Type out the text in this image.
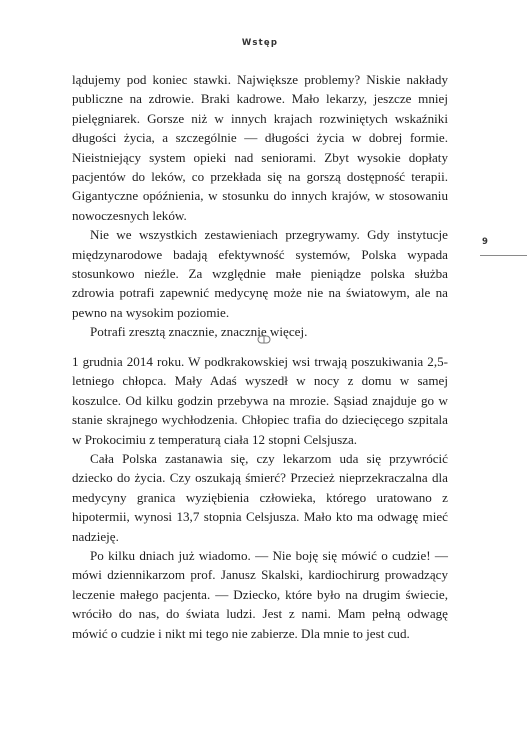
Wstęp
9

lądujemy pod koniec stawki. Największe problemy? Niskie nakłady publiczne na zdrowie. Braki kadrowe. Mało lekarzy, jeszcze mniej pielęgniarek. Gorsze niż w innych krajach rozwiniętych wskaźniki długości życia, a szczególnie — długości życia w dobrej formie. Nieistniejący system opieki nad seniorami. Zbyt wysokie dopłaty pacjentów do leków, co przekłada się na gorszą dostępność terapii. Gigantyczne opóźnienia, w stosunku do innych krajów, w stosowaniu nowoczesnych leków.

Nie we wszystkich zestawieniach przegrywamy. Gdy instytucje międzynarodowe badają efektywność systemów, Polska wypada stosunkowo nieźle. Za względnie małe pieniądze polska służba zdrowia potrafi zapewnić medycynę może nie na światowym, ale na pewno na wysokim poziomie.

Potrafi zresztą znacznie, znacznie więcej.

1 grudnia 2014 roku. W podkrakowskiej wsi trwają poszukiwania 2,5-letniego chłopca. Mały Adaś wyszedł w nocy z domu w samej koszulce. Od kilku godzin przebywa na mrozie. Sąsiad znajduje go w stanie skrajnego wychłodzenia. Chłopiec trafia do dziecięcego szpitala w Prokocimiu z temperaturą ciała 12 stopni Celsjusza.

Cała Polska zastanawia się, czy lekarzom uda się przywrócić dziecko do życia. Czy oszukają śmierć? Przecież nieprzekraczalna dla medycyny granica wyziębienia człowieka, którego uratowano z hipotermii, wynosi 13,7 stopnia Celsjusza. Mało kto ma odwagę mieć nadzieję.

Po kilku dniach już wiadomo. — Nie boję się mówić o cudzie! — mówi dziennikarzom prof. Janusz Skalski, kardiochirurg prowadzący leczenie małego pacjenta. — Dziecko, które było na drugim świecie, wróciło do nas, do świata ludzi. Jest z nami. Mam pełną odwagę mówić o cudzie i nikt mi tego nie zabierze. Dla mnie to jest cud.
